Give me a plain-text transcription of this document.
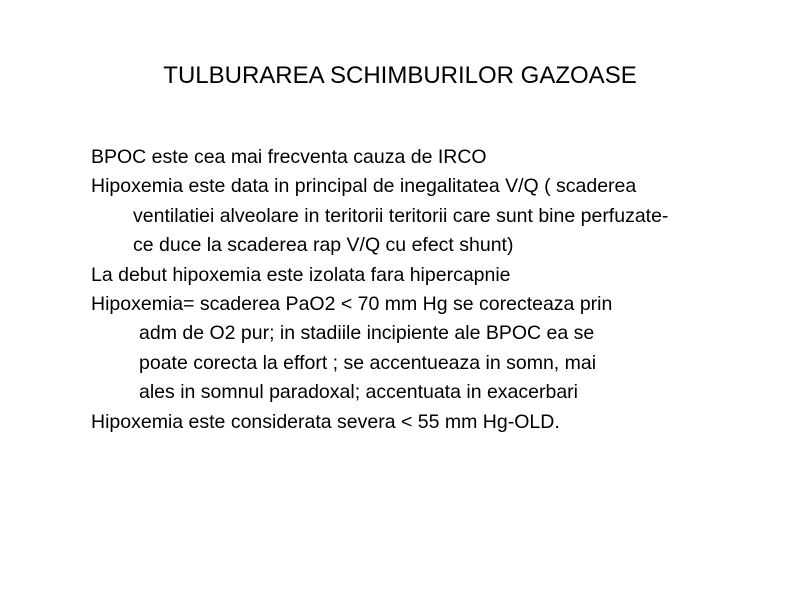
TULBURAREA SCHIMBURILOR GAZOASE
BPOC este cea mai frecventa cauza de IRCO
Hipoxemia este data in principal de inegalitatea V/Q ( scaderea
ventilatiei alveolare in teritorii teritorii care sunt bine perfuzate-
ce duce la scaderea rap V/Q cu efect shunt)
La debut hipoxemia este izolata fara hipercapnie
Hipoxemia= scaderea PaO2 < 70 mm Hg se corecteaza prin
adm de O2 pur; in stadiile incipiente ale BPOC ea se
poate corecta la effort ; se accentueaza in somn, mai
ales in somnul paradoxal; accentuata in exacerbari
Hipoxemia este considerata severa < 55 mm Hg-OLD.
